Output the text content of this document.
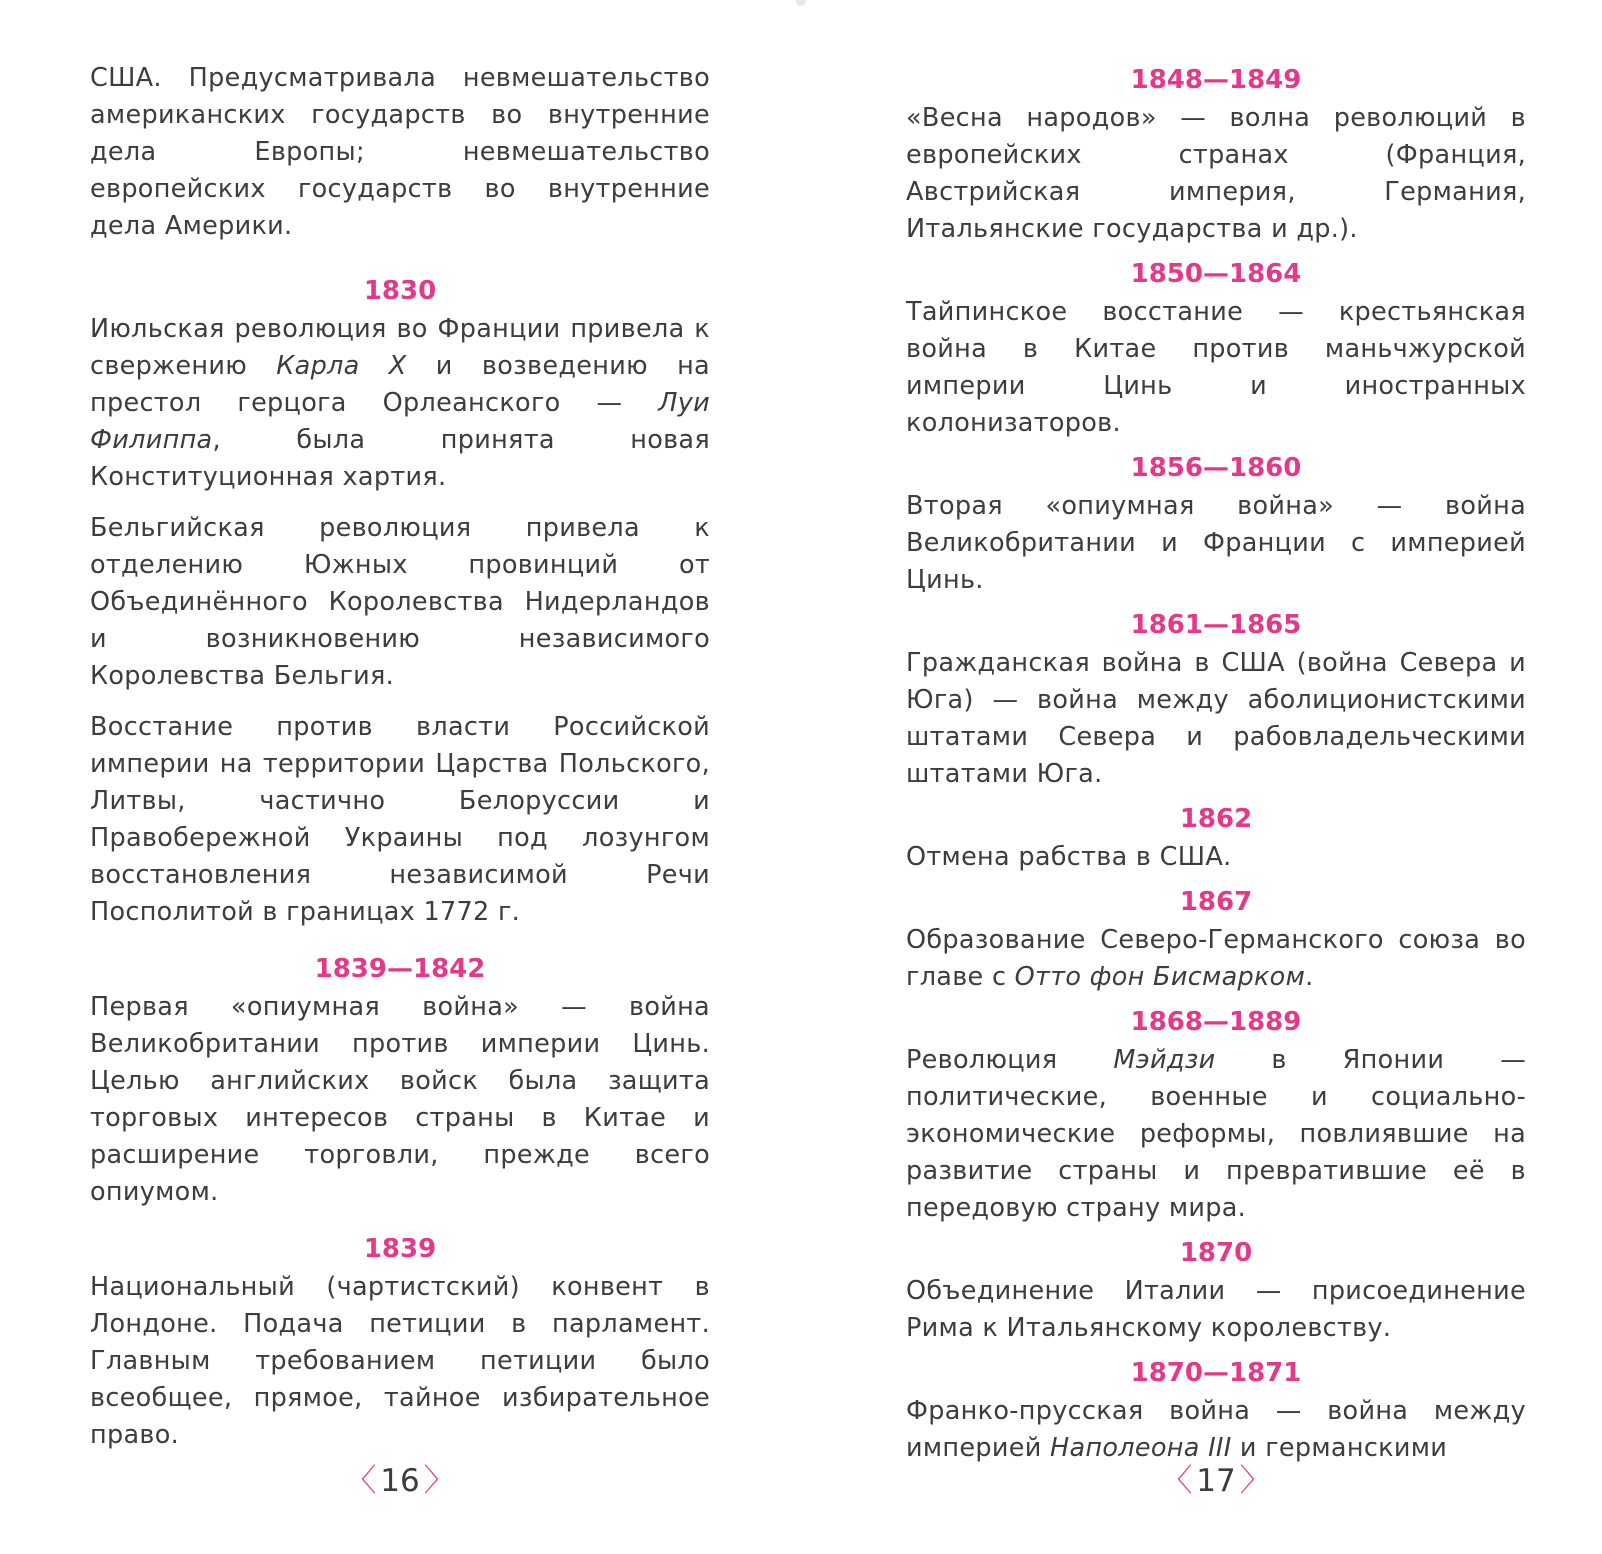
США. Предусматривала невмешательство американских государств во внутренние дела Европы; невмешательство европейских государств во внутренние дела Америки.

1830

Июльская революция во Франции привела к свержению Карла X и возведению на престол герцога Орлеанского — Луи Филиппа, была принята новая Конституционная хартия.

Бельгийская революция привела к отделению Южных провинций от Объединённого Королевства Нидерландов и возникновению независимого Королевства Бельгия.

Восстание против власти Российской империи на территории Царства Польского, Литвы, частично Белоруссии и Правобережной Украины под лозунгом восстановления независимой Речи Посполитой в границах 1772 г.

1839—1842

Первая «опиумная война» — война Великобритании против империи Цинь. Целью английских войск была защита торговых интересов страны в Китае и расширение торговли, прежде всего опиумом.

1839

Национальный (чартистский) конвент в Лондоне. Подача петиции в парламент. Главным требованием петиции было всеобщее, прямое, тайное избирательное право.

1848—1849

«Весна народов» — волна революций в европейских странах (Франция, Австрийская империя, Германия, Итальянские государства и др.).

1850—1864

Тайпинское восстание — крестьянская война в Китае против маньчжурской империи Цинь и иностранных колонизаторов.

1856—1860

Вторая «опиумная война» — война Великобритании и Франции с империей Цинь.

1861—1865

Гражданская война в США (война Севера и Юга) — война между аболиционистскими штатами Севера и рабовладельческими штатами Юга.

1862

Отмена рабства в США.

1867

Образование Северо-Германского союза во главе с Отто фон Бисмарком.

1868—1889

Революция Мэйдзи в Японии — политические, военные и социально-экономические реформы, повлиявшие на развитие страны и превратившие её в передовую страну мира.

1870

Объединение Италии — присоединение Рима к Итальянскому королевству.

1870—1871

Франко-прусская война — война между империей Наполеона III и германскими

〈 16 〉	〈 17 〉
